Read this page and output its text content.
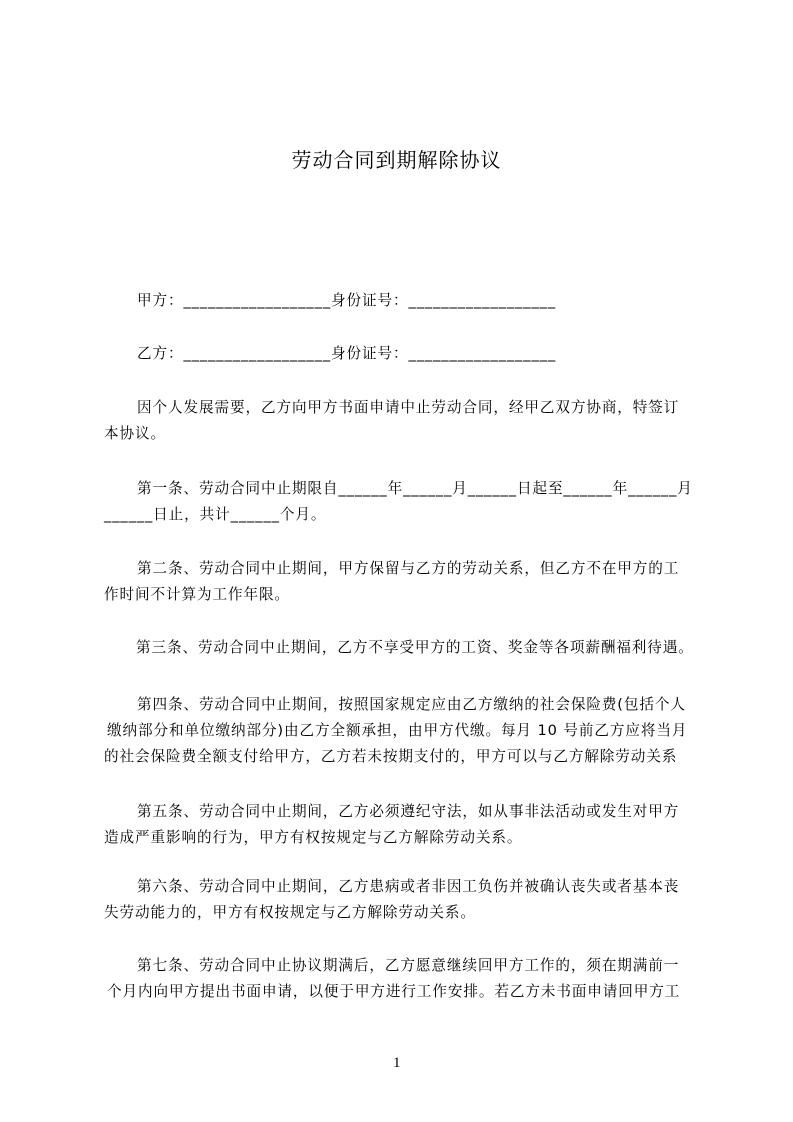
劳动合同到期解除协议
甲方：__________________身份证号：__________________
乙方：__________________身份证号：__________________
因个人发展需要，乙方向甲方书面申请中止劳动合同，经甲乙双方协商，特签订
本协议。
第一条、劳动合同中止期限自______年______月______日起至______年______月
______日止，共计______个月。
第二条、劳动合同中止期间，甲方保留与乙方的劳动关系，但乙方不在甲方的工
作时间不计算为工作年限。
第三条、劳动合同中止期间，乙方不享受甲方的工资、奖金等各项薪酬福利待遇。
第四条、劳动合同中止期间，按照国家规定应由乙方缴纳的社会保险费(包括个人
缴纳部分和单位缴纳部分)由乙方全额承担，由甲方代缴。每月 10 号前乙方应将当月
的社会保险费全额支付给甲方，乙方若未按期支付的，甲方可以与乙方解除劳动关系
第五条、劳动合同中止期间，乙方必须遵纪守法，如从事非法活动或发生对甲方
造成严重影响的行为，甲方有权按规定与乙方解除劳动关系。
第六条、劳动合同中止期间，乙方患病或者非因工负伤并被确认丧失或者基本丧
失劳动能力的，甲方有权按规定与乙方解除劳动关系。
第七条、劳动合同中止协议期满后，乙方愿意继续回甲方工作的，须在期满前一
个月内向甲方提出书面申请，以便于甲方进行工作安排。若乙方未书面申请回甲方工
1
